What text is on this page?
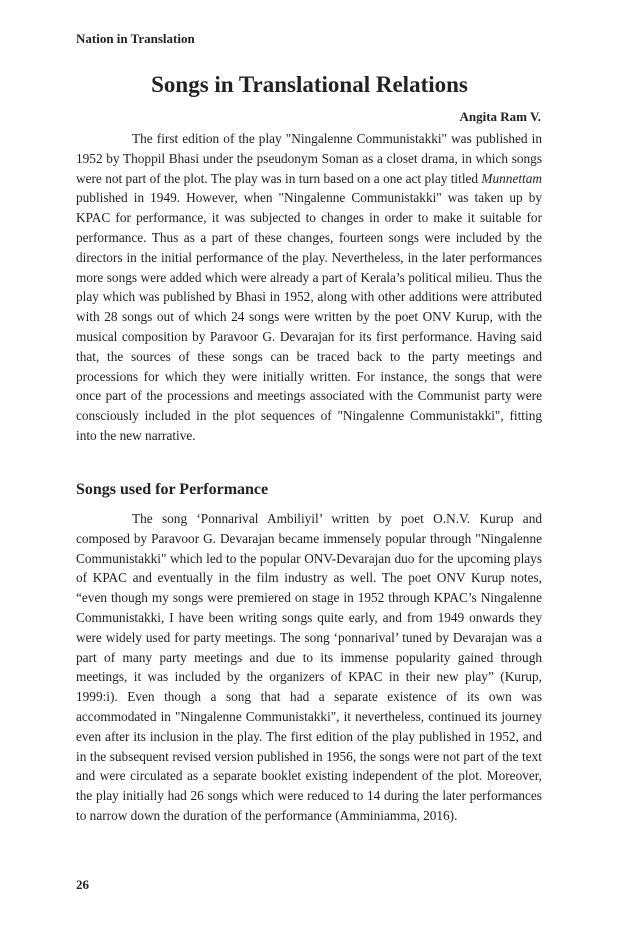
Nation in Translation
Songs in Translational Relations
Angita Ram V.

The first edition of the play "Ningalenne Communistakki" was published in 1952 by Thoppil Bhasi under the pseudonym Soman as a closet drama, in which songs were not part of the plot. The play was in turn based on a one act play titled Munnettam published in 1949. However, when "Ningalenne Communistakki" was taken up by KPAC for performance, it was subjected to changes in order to make it suitable for performance. Thus as a part of these changes, fourteen songs were included by the directors in the initial performance of the play. Nevertheless, in the later performances more songs were added which were already a part of Kerala’s political milieu. Thus the play which was published by Bhasi in 1952, along with other additions were attributed with 28 songs out of which 24 songs were written by the poet ONV Kurup, with the musical composition by Paravoor G. Devarajan for its first performance. Having said that, the sources of these songs can be traced back to the party meetings and processions for which they were initially written. For instance, the songs that were once part of the processions and meetings associated with the Communist party were consciously included in the plot sequences of "Ningalenne Communistakki", fitting into the new narrative.

Songs used for Performance

The song ‘Ponnarival Ambiliyil’ written by poet O.N.V. Kurup and composed by Paravoor G. Devarajan became immensely popular through "Ningalenne Communistakki" which led to the popular ONV-Devarajan duo for the upcoming plays of KPAC and eventually in the film industry as well. The poet ONV Kurup notes, “even though my songs were premiered on stage in 1952 through KPAC’s Ningalenne Communistakki, I have been writing songs quite early, and from 1949 onwards they were widely used for party meetings. The song ‘ponnarival’ tuned by Devarajan was a part of many party meetings and due to its immense popularity gained through meetings, it was included by the organizers of KPAC in their new play” (Kurup, 1999:i). Even though a song that had a separate existence of its own was accommodated in "Ningalenne Communistakki", it nevertheless, continued its journey even after its inclusion in the play. The first edition of the play published in 1952, and in the subsequent revised version published in 1956, the songs were not part of the text and were circulated as a separate booklet existing independent of the plot. Moreover, the play initially had 26 songs which were reduced to 14 during the later performances to narrow down the duration of the performance (Amminiamma, 2016).

26
